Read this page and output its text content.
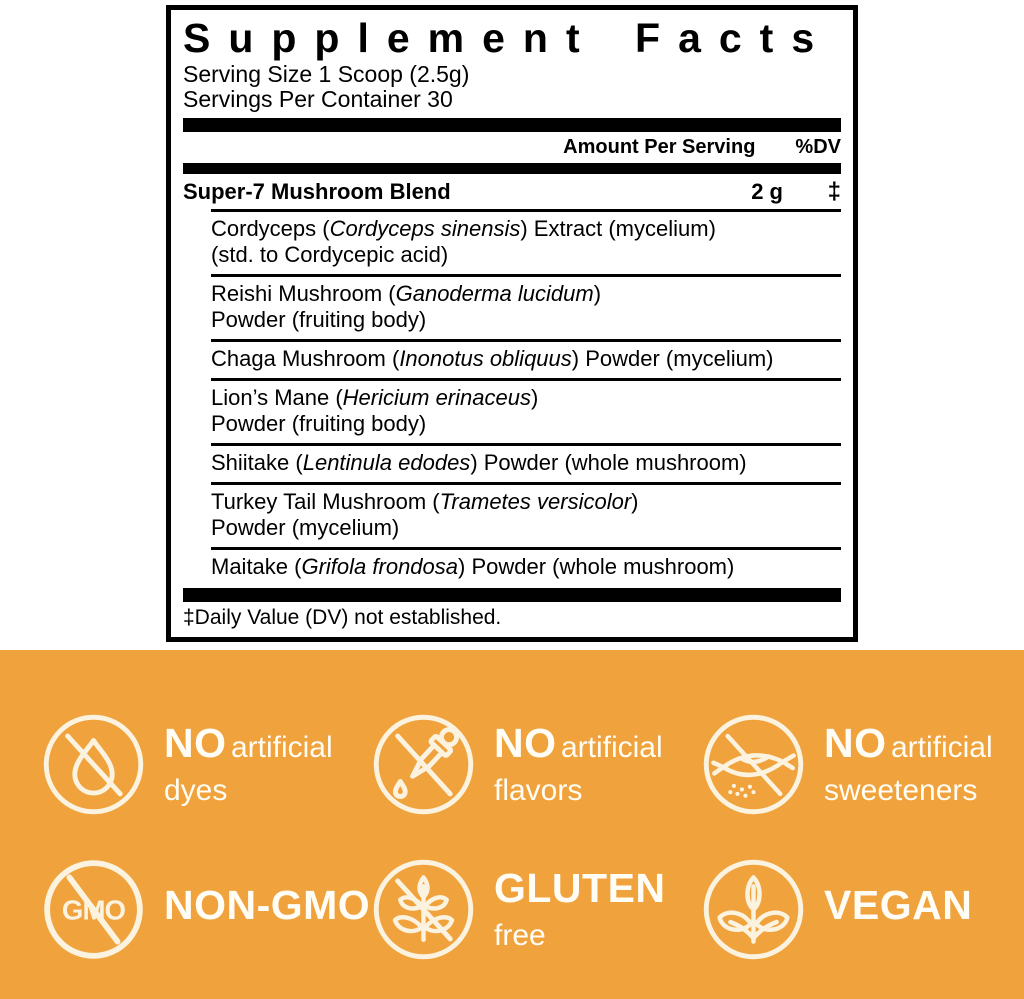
Supplement Facts
Serving Size 1 Scoop (2.5g)
Servings Per Container 30
Amount Per Serving %DV
Super-7 Mushroom Blend	2 g	‡
Cordyceps (Cordyceps sinensis) Extract (mycelium)
(std. to Cordycepic acid)
Reishi Mushroom (Ganoderma lucidum)
Powder (fruiting body)
Chaga Mushroom (Inonotus obliquus) Powder (mycelium)
Lion’s Mane (Hericium erinaceus)
Powder (fruiting body)
Shiitake (Lentinula edodes) Powder (whole mushroom)
Turkey Tail Mushroom (Trametes versicolor)
Powder (mycelium)
Maitake (Grifola frondosa) Powder (whole mushroom)
‡Daily Value (DV) not established.
NO artificial
dyes
NO artificial
flavors
NO artificial
sweeteners
GMO NON-GMO	GLUTEN
free
VEGAN
